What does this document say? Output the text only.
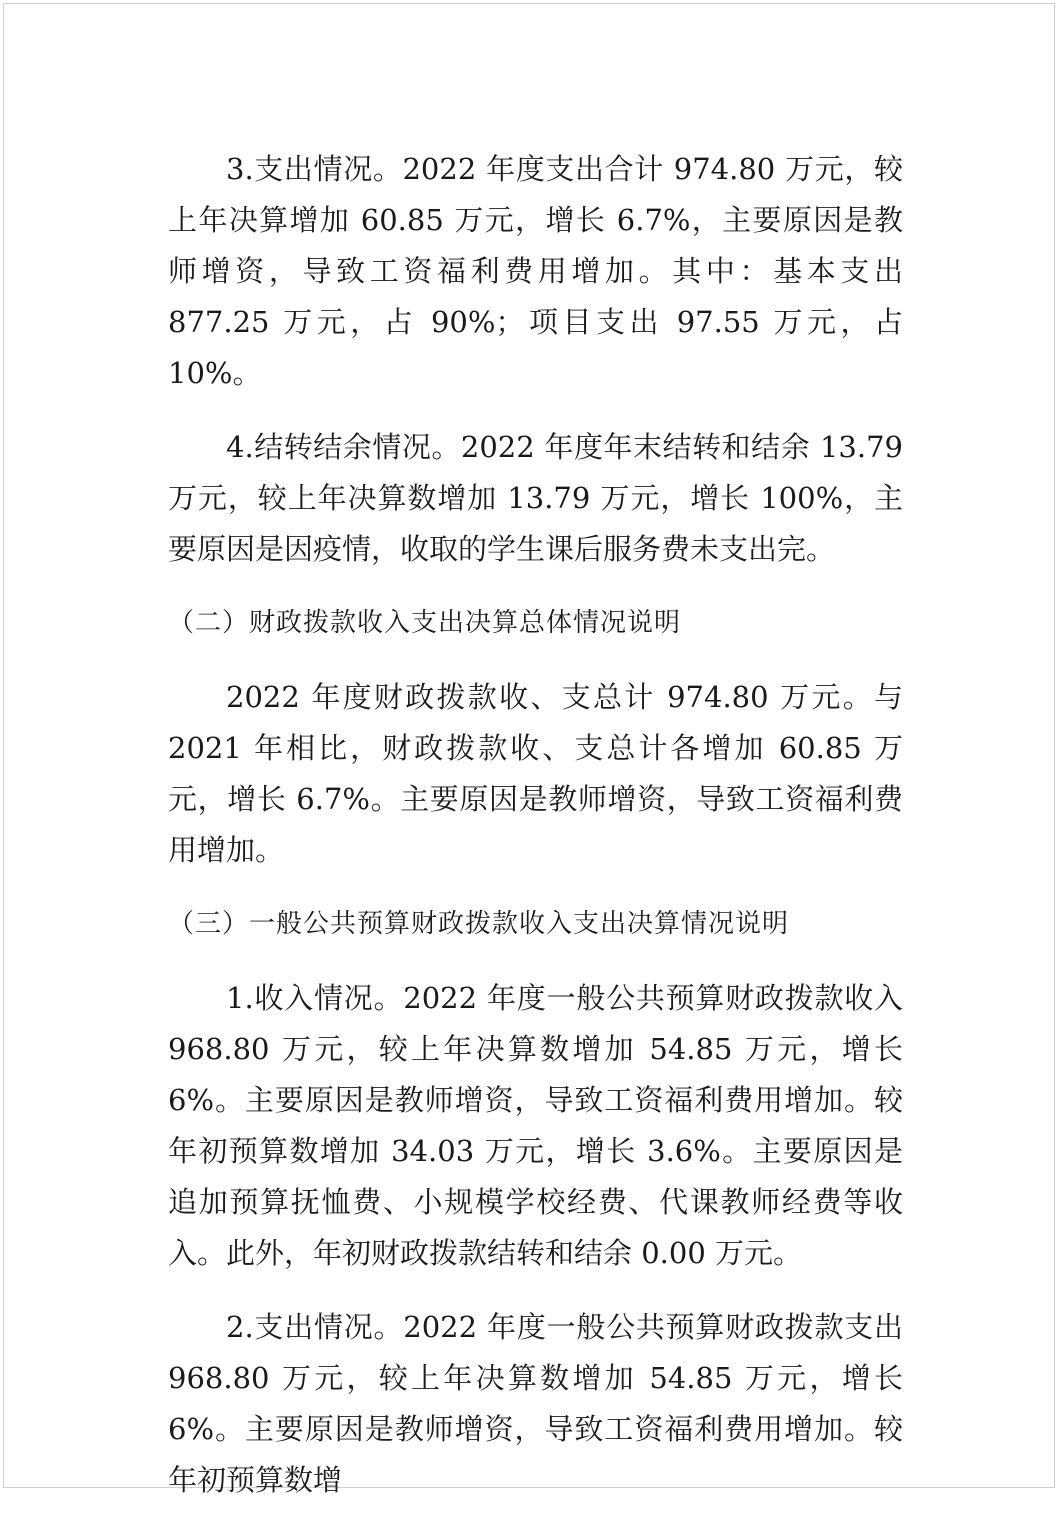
3.支出情况。2022 年度支出合计 974.80 万元，较上年决算增加 60.85 万元，增长 6.7%，主要原因是教师增资，导致工资福利费用增加。其中：基本支出 877.25 万元，占 90%；项目支出 97.55 万元，占 10%。

4.结转结余情况。2022 年度年末结转和结余 13.79 万元，较上年决算数增加 13.79 万元，增长 100%，主要原因是因疫情，收取的学生课后服务费未支出完。

（二）财政拨款收入支出决算总体情况说明

2022 年度财政拨款收、支总计 974.80 万元。与 2021 年相比，财政拨款收、支总计各增加 60.85 万元，增长 6.7%。主要原因是教师增资，导致工资福利费用增加。

（三）一般公共预算财政拨款收入支出决算情况说明

1.收入情况。2022 年度一般公共预算财政拨款收入 968.80 万元，较上年决算数增加 54.85 万元，增长 6%。主要原因是教师增资，导致工资福利费用增加。较年初预算数增加 34.03 万元，增长 3.6%。主要原因是追加预算抚恤费、小规模学校经费、代课教师经费等收入。此外，年初财政拨款结转和结余 0.00 万元。

2.支出情况。2022 年度一般公共预算财政拨款支出 968.80 万元，较上年决算数增加 54.85 万元，增长 6%。主要原因是教师增资，导致工资福利费用增加。较年初预算数增
